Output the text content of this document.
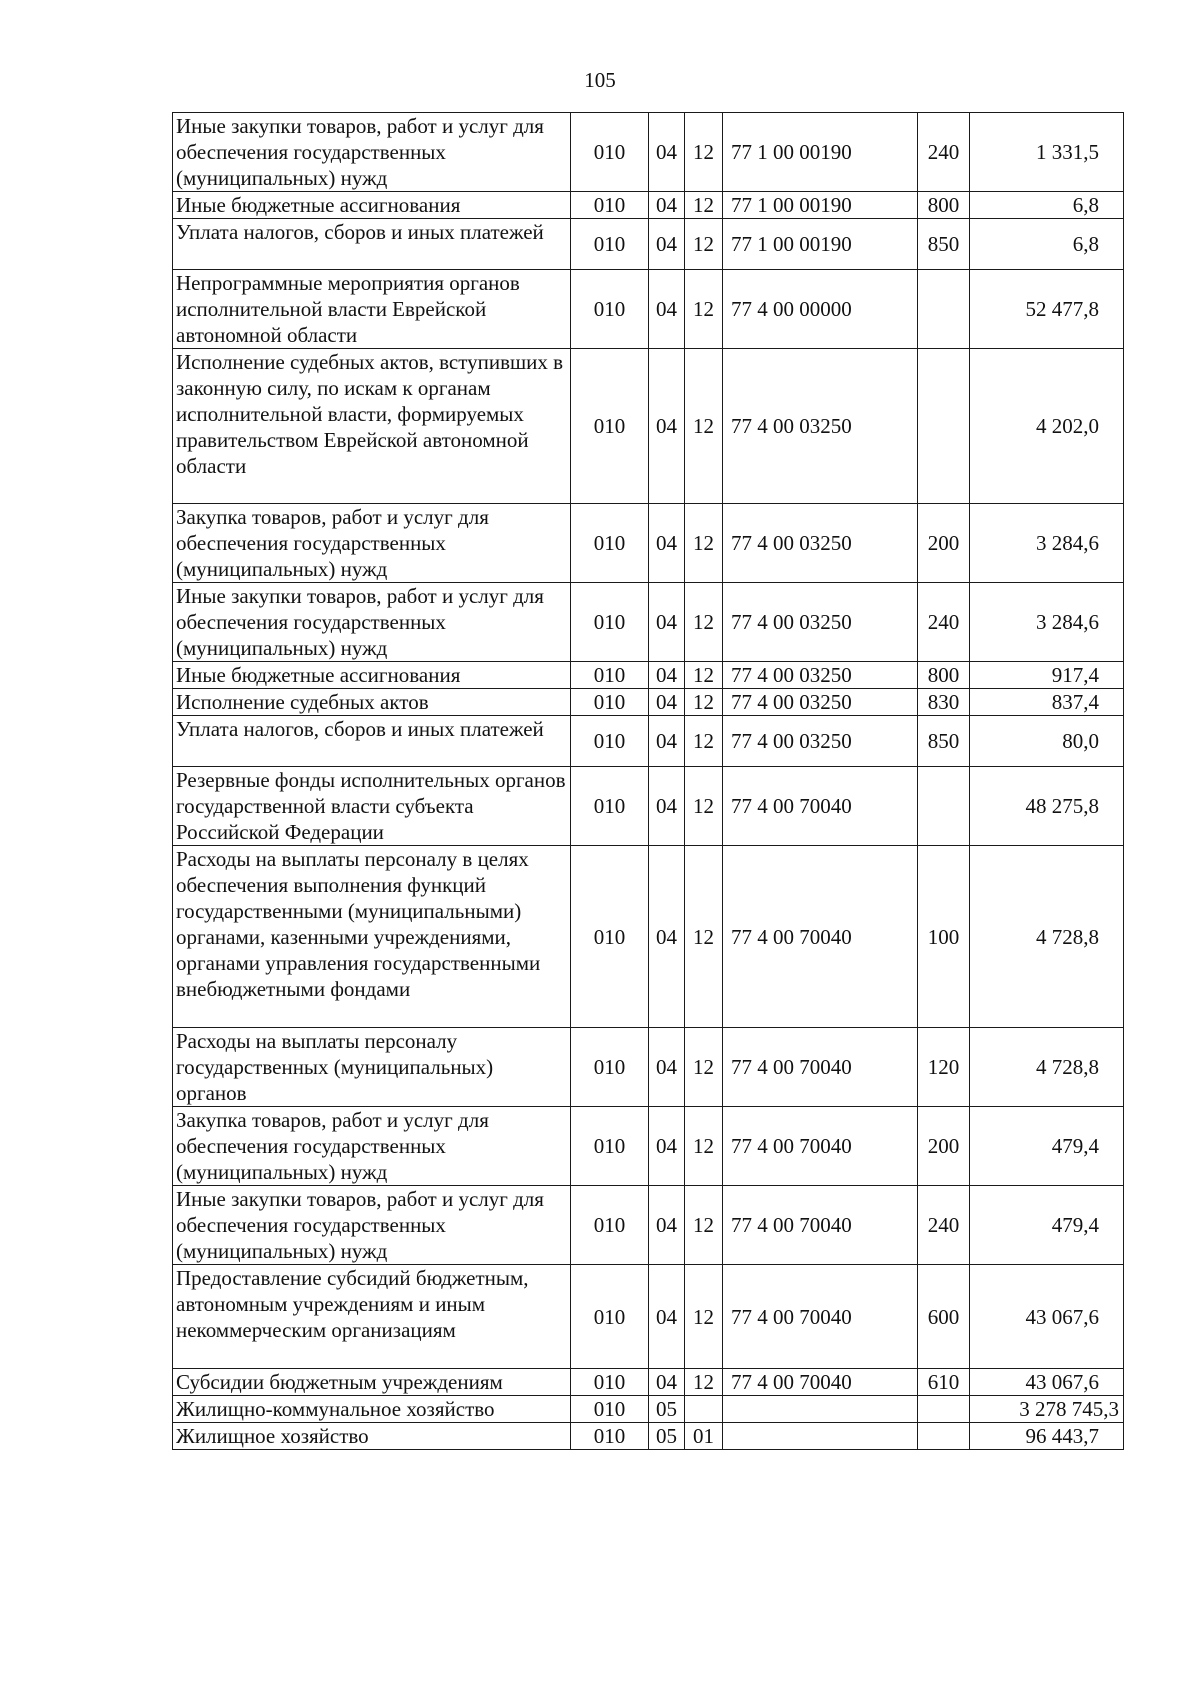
105
Иные закупки товаров, работ и услуг для обеспечения государственных (муниципальных) нужд	010	04	12	77 1 00 00190	240	1 331,5
Иные бюджетные ассигнования	010	04	12	77 1 00 00190	800	6,8
Уплата налогов, сборов и иных платежей	010	04	12	77 1 00 00190	850	6,8
Непрограммные мероприятия органов исполнительной власти Еврейской автономной области	010	04	12	77 4 00 00000		52 477,8
Исполнение судебных актов, вступивших в законную силу, по искам к органам исполнительной власти, формируемых правительством Еврейской автономной области	010	04	12	77 4 00 03250		4 202,0
Закупка товаров, работ и услуг для обеспечения государственных (муниципальных) нужд	010	04	12	77 4 00 03250	200	3 284,6
Иные закупки товаров, работ и услуг для обеспечения государственных (муниципальных) нужд	010	04	12	77 4 00 03250	240	3 284,6
Иные бюджетные ассигнования	010	04	12	77 4 00 03250	800	917,4
Исполнение судебных актов	010	04	12	77 4 00 03250	830	837,4
Уплата налогов, сборов и иных платежей	010	04	12	77 4 00 03250	850	80,0
Резервные фонды исполнительных органов государственной власти субъекта Российской Федерации	010	04	12	77 4 00 70040		48 275,8
Расходы на выплаты персоналу в целях обеспечения выполнения функций государственными (муниципальными) органами, казенными учреждениями, органами управления государственными внебюджетными фондами	010	04	12	77 4 00 70040	100	4 728,8
Расходы на выплаты персоналу государственных (муниципальных) органов	010	04	12	77 4 00 70040	120	4 728,8
Закупка товаров, работ и услуг для обеспечения государственных (муниципальных) нужд	010	04	12	77 4 00 70040	200	479,4
Иные закупки товаров, работ и услуг для обеспечения государственных (муниципальных) нужд	010	04	12	77 4 00 70040	240	479,4
Предоставление субсидий бюджетным, автономным учреждениям и иным некоммерческим организациям	010	04	12	77 4 00 70040	600	43 067,6
Субсидии бюджетным учреждениям	010	04	12	77 4 00 70040	610	43 067,6
Жилищно-коммунальное хозяйство	010	05				3 278 745,3
Жилищное хозяйство	010	05	01			96 443,7
